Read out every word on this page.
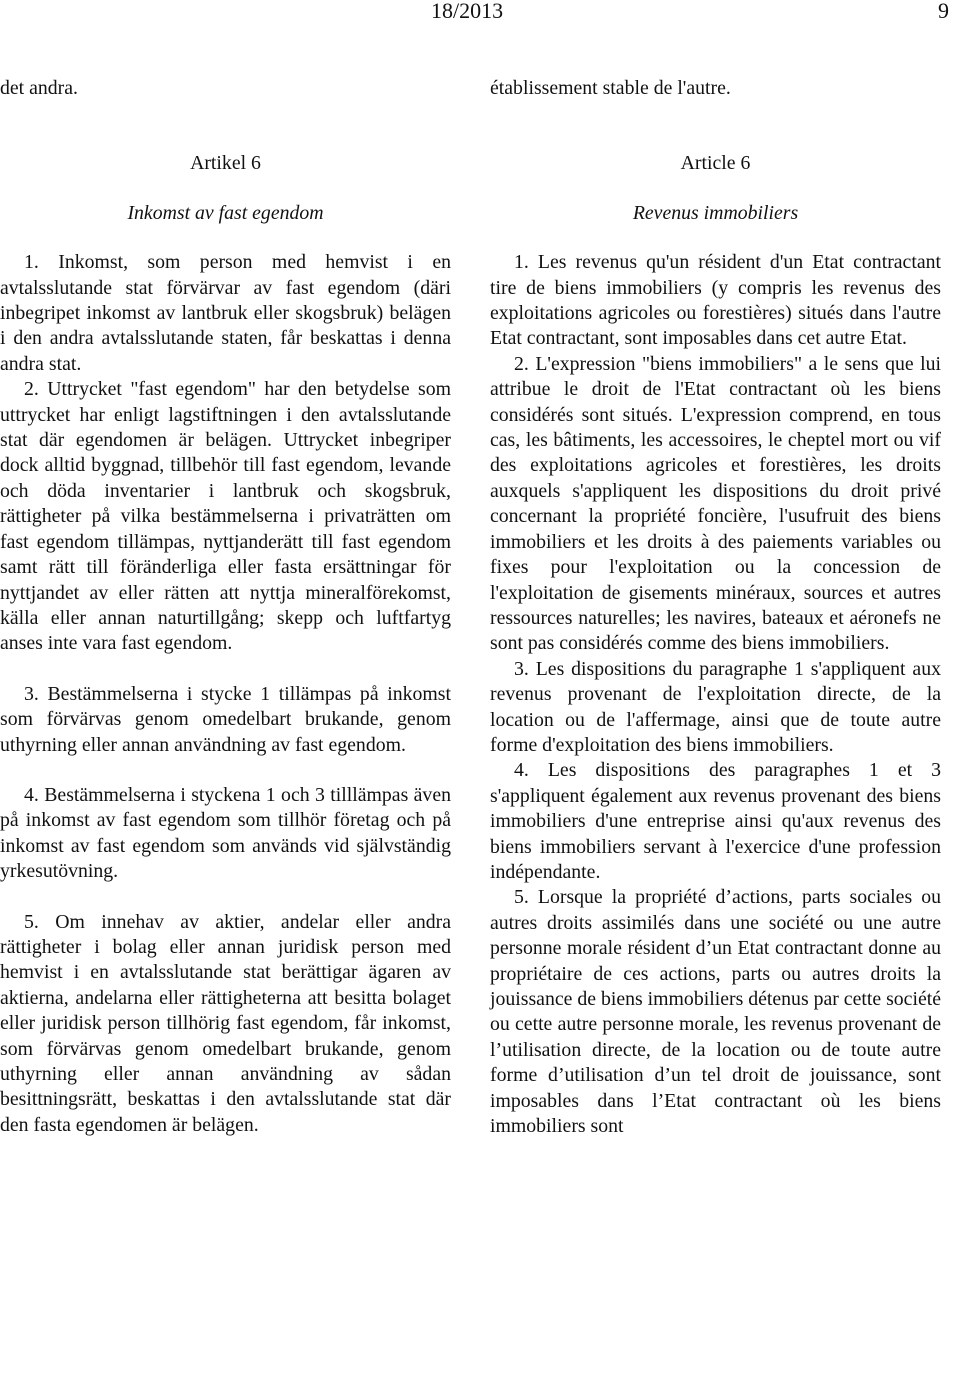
18/2013	9

det andra.

Artikel 6

Inkomst av fast egendom

1. Inkomst, som person med hemvist i en avtalsslutande stat förvärvar av fast egendom (däri inbegripet inkomst av lantbruk eller skogsbruk) belägen i den andra avtalsslutande staten, får beskattas i denna andra stat.

2. Uttrycket "fast egendom" har den betydelse som uttrycket har enligt lagstiftningen i den avtalsslutande stat där egendomen är belägen. Uttrycket inbegriper dock alltid byggnad, tillbehör till fast egendom, levande och döda inventarier i lantbruk och skogsbruk, rättigheter på vilka bestämmelserna i privaträtten om fast egendom tillämpas, nyttjanderätt till fast egendom samt rätt till föränderliga eller fasta ersättningar för nyttjandet av eller rätten att nyttja mineralförekomst, källa eller annan naturtillgång; skepp och luftfartyg anses inte vara fast egendom.

3. Bestämmelserna i stycke 1 tillämpas på inkomst som förvärvas genom omedelbart brukande, genom uthyrning eller annan användning av fast egendom.

4. Bestämmelserna i styckena 1 och 3 tilllämpas även på inkomst av fast egendom som tillhör företag och på inkomst av fast egendom som används vid självständig yrkesutövning.

5. Om innehav av aktier, andelar eller andra rättigheter i bolag eller annan juridisk person med hemvist i en avtalsslutande stat berättigar ägaren av aktierna, andelarna eller rättigheterna att besitta bolaget eller juridisk person tillhörig fast egendom, får inkomst, som förvärvas genom omedelbart brukande, genom uthyrning eller annan användning av sådan besittningsrätt, beskattas i den avtalsslutande stat där den fasta egendomen är belägen.

établissement stable de l'autre.

Article 6

Revenus immobiliers

1. Les revenus qu'un résident d'un Etat contractant tire de biens immobiliers (y compris les revenus des exploitations agricoles ou forestières) situés dans l'autre Etat contractant, sont imposables dans cet autre Etat.

2. L'expression "biens immobiliers" a le sens que lui attribue le droit de l'Etat contractant où les biens considérés sont situés. L'expression comprend, en tous cas, les bâtiments, les accessoires, le cheptel mort ou vif des exploitations agricoles et forestières, les droits auxquels s'appliquent les dispositions du droit privé concernant la propriété foncière, l'usufruit des biens immobiliers et les droits à des paiements variables ou fixes pour l'exploitation ou la concession de l'exploitation de gisements minéraux, sources et autres ressources naturelles; les navires, bateaux et aéronefs ne sont pas considérés comme des biens immobiliers.

3. Les dispositions du paragraphe 1 s'appliquent aux revenus provenant de l'exploitation directe, de la location ou de l'affermage, ainsi que de toute autre forme d'exploitation des biens immobiliers.

4. Les dispositions des paragraphes 1 et 3 s'appliquent également aux revenus provenant des biens immobiliers d'une entreprise ainsi qu'aux revenus des biens immobiliers servant à l'exercice d'une profession indépendante.

5. Lorsque la propriété d’actions, parts sociales ou autres droits assimilés dans une société ou une autre personne morale résident d’un Etat contractant donne au propriétaire de ces actions, parts ou autres droits la jouissance de biens immobiliers détenus par cette société ou cette autre personne morale, les revenus provenant de l’utilisation directe, de la location ou de toute autre forme d’utilisation d’un tel droit de jouissance, sont imposables dans l’Etat contractant où les biens immobiliers sont
